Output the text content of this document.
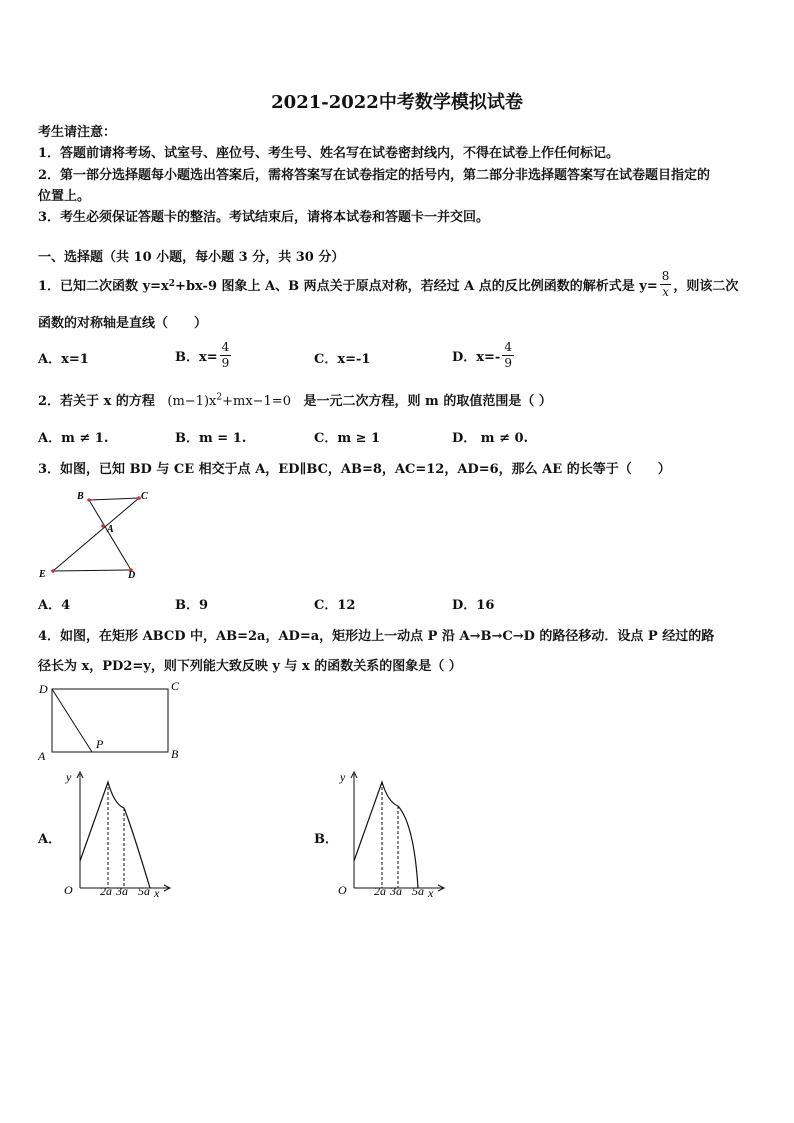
2021-2022中考数学模拟试卷
考生请注意：
1．答题前请将考场、试室号、座位号、考生号、姓名写在试卷密封线内，不得在试卷上作任何标记。
2．第一部分选择题每小题选出答案后，需将答案写在试卷指定的括号内，第二部分非选择题答案写在试卷题目指定的
位置上。
3．考生必须保证答题卡的整洁。考试结束后，请将本试卷和答题卡一并交回。
一、选择题（共 10 小题，每小题 3 分，共 30 分）
1．已知二次函数 y=x 2 +bx-9 图象上 A、B 两点关于原点对称，若经过 A 点的反比例函数的解析式是 $y= \frac{8}{x}$ ，则该二次
函数的对称轴是直线（　　）
A．x=1	B．$x= \frac{4}{9}$	C．x=-1	D．$x=- \frac{4}{9}$
2．若关于 x 的方程 $(m-1)x^2+mx-1=0$ 是一元二次方程，则 m 的取值范围是（ ）
A．m ≠ 1.	B．m = 1.	C．m ≥ 1	D． m ≠ 0.
3．如图，已知 BD 与 CE 相交于点 A，ED∥BC，AB=8，AC=12，AD=6，那么 AE 的长等于（　　）
B	C
A
E	D
A．4	B．9	C．12	D．16
4．如图，在矩形 ABCD 中，AB=2a，AD=a，矩形边上一动点 P 沿 A→B→C→D 的路径移动．设点 P 经过的路
径长为 x，PD2=y，则下列能大致反映 y 与 x 的函数关系的图象是（ ）
D	C
A	B
P
A．
y
O 2a 3a 5a x
B．
y
O 2a 3a 5a x
